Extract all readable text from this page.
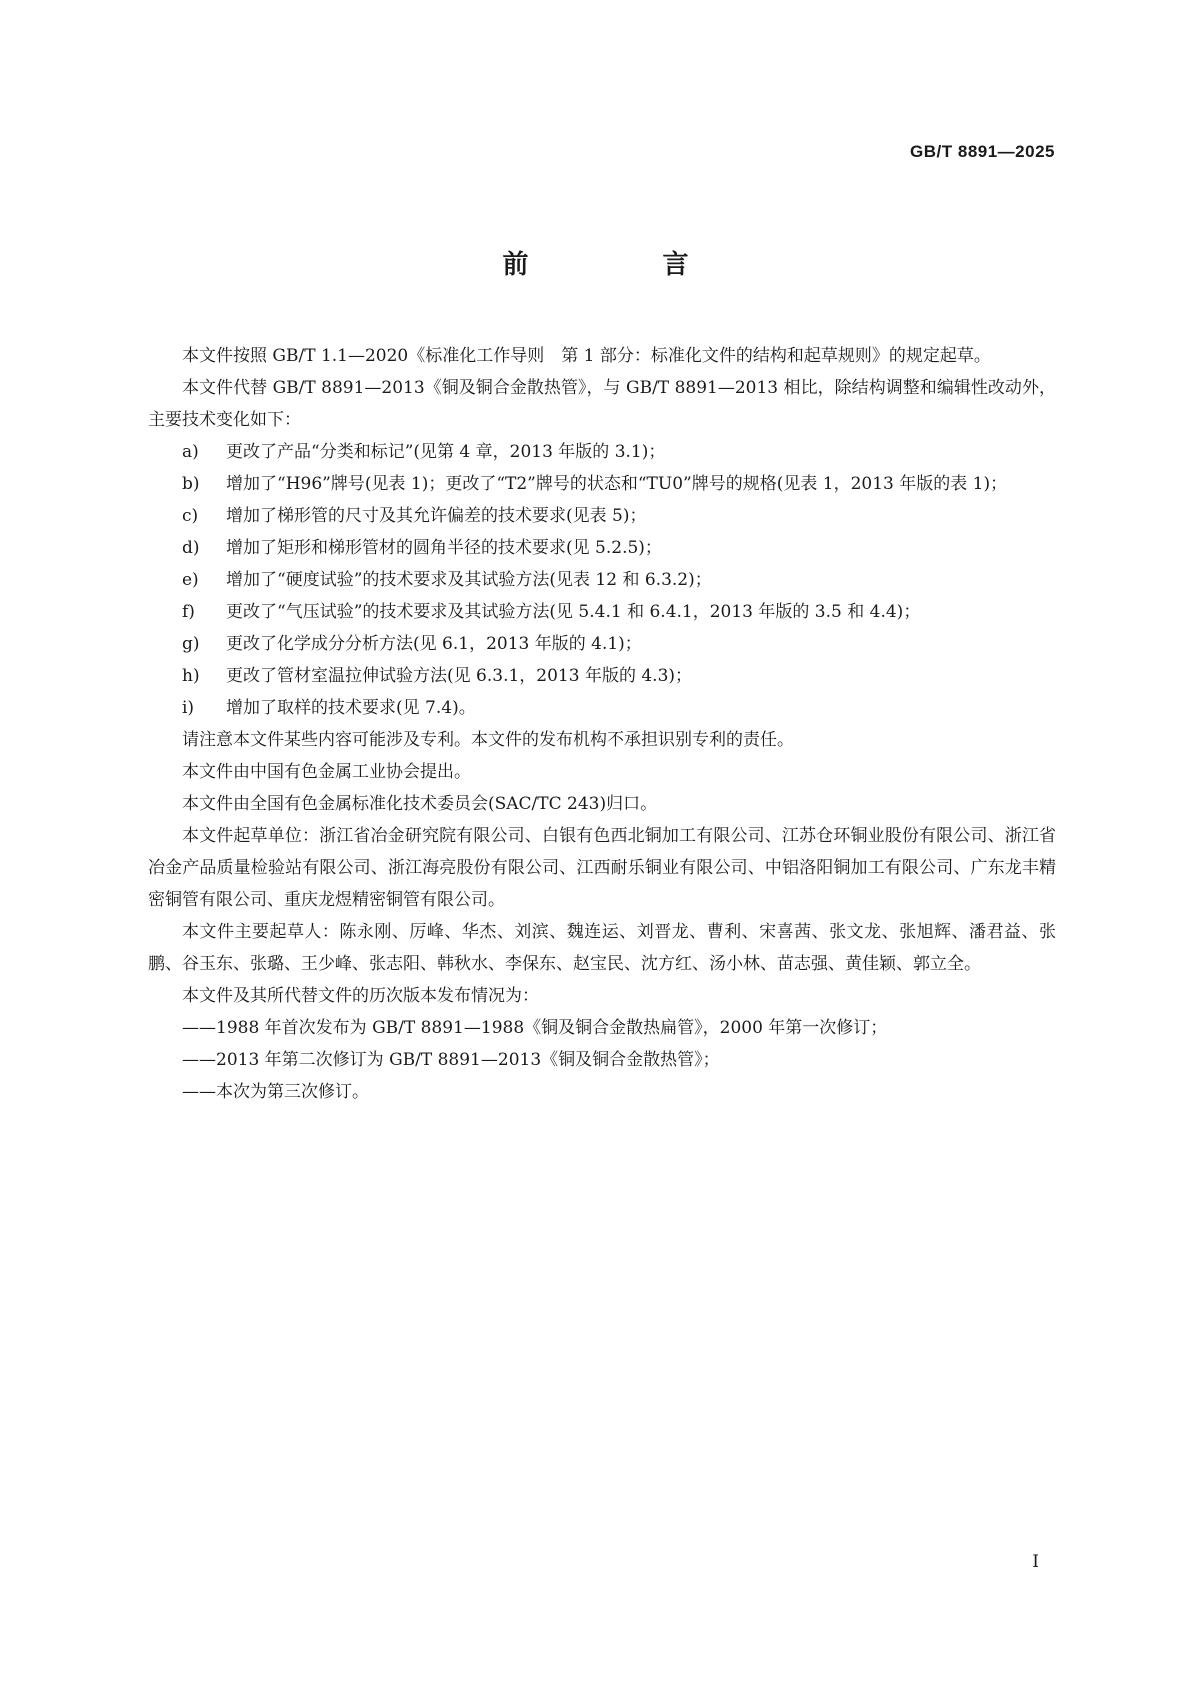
GB/T 8891—2025
前　言

本文件按照 GB/T 1.1—2020《标准化工作导则　第 1 部分：标准化文件的结构和起草规则》的规定起草。

本文件代替 GB/T 8891—2013《铜及铜合金散热管》，与 GB/T 8891—2013 相比，除结构调整和编辑性改动外，主要技术变化如下：

a)	更改了产品“分类和标记”(见第 4 章，2013 年版的 3.1)；
b)	增加了“H96”牌号(见表 1)；更改了“T2”牌号的状态和“TU0”牌号的规格(见表 1，2013 年版的表 1)；
c)	增加了梯形管的尺寸及其允许偏差的技术要求(见表 5)；
d)	增加了矩形和梯形管材的圆角半径的技术要求(见 5.2.5)；
e)	增加了“硬度试验”的技术要求及其试验方法(见表 12 和 6.3.2)；
f)	更改了“气压试验”的技术要求及其试验方法(见 5.4.1 和 6.4.1，2013 年版的 3.5 和 4.4)；
g)	更改了化学成分分析方法(见 6.1，2013 年版的 4.1)；
h)	更改了管材室温拉伸试验方法(见 6.3.1，2013 年版的 4.3)；
i)	增加了取样的技术要求(见 7.4)。

请注意本文件某些内容可能涉及专利。本文件的发布机构不承担识别专利的责任。

本文件由中国有色金属工业协会提出。

本文件由全国有色金属标准化技术委员会(SAC/TC 243)归口。

本文件起草单位：浙江省冶金研究院有限公司、白银有色西北铜加工有限公司、江苏仓环铜业股份有限公司、浙江省冶金产品质量检验站有限公司、浙江海亮股份有限公司、江西耐乐铜业有限公司、中铝洛阳铜加工有限公司、广东龙丰精密铜管有限公司、重庆龙煜精密铜管有限公司。

本文件主要起草人：陈永刚、厉峰、华杰、刘滨、魏连运、刘晋龙、曹利、宋喜茜、张文龙、张旭辉、潘君益、张鹏、谷玉东、张璐、王少峰、张志阳、韩秋水、李保东、赵宝民、沈方红、汤小林、苗志强、黄佳颖、郭立全。

本文件及其所代替文件的历次版本发布情况为：

——1988 年首次发布为 GB/T 8891—1988《铜及铜合金散热扁管》，2000 年第一次修订；
——2013 年第二次修订为 GB/T 8891—2013《铜及铜合金散热管》；
——本次为第三次修订。
I
